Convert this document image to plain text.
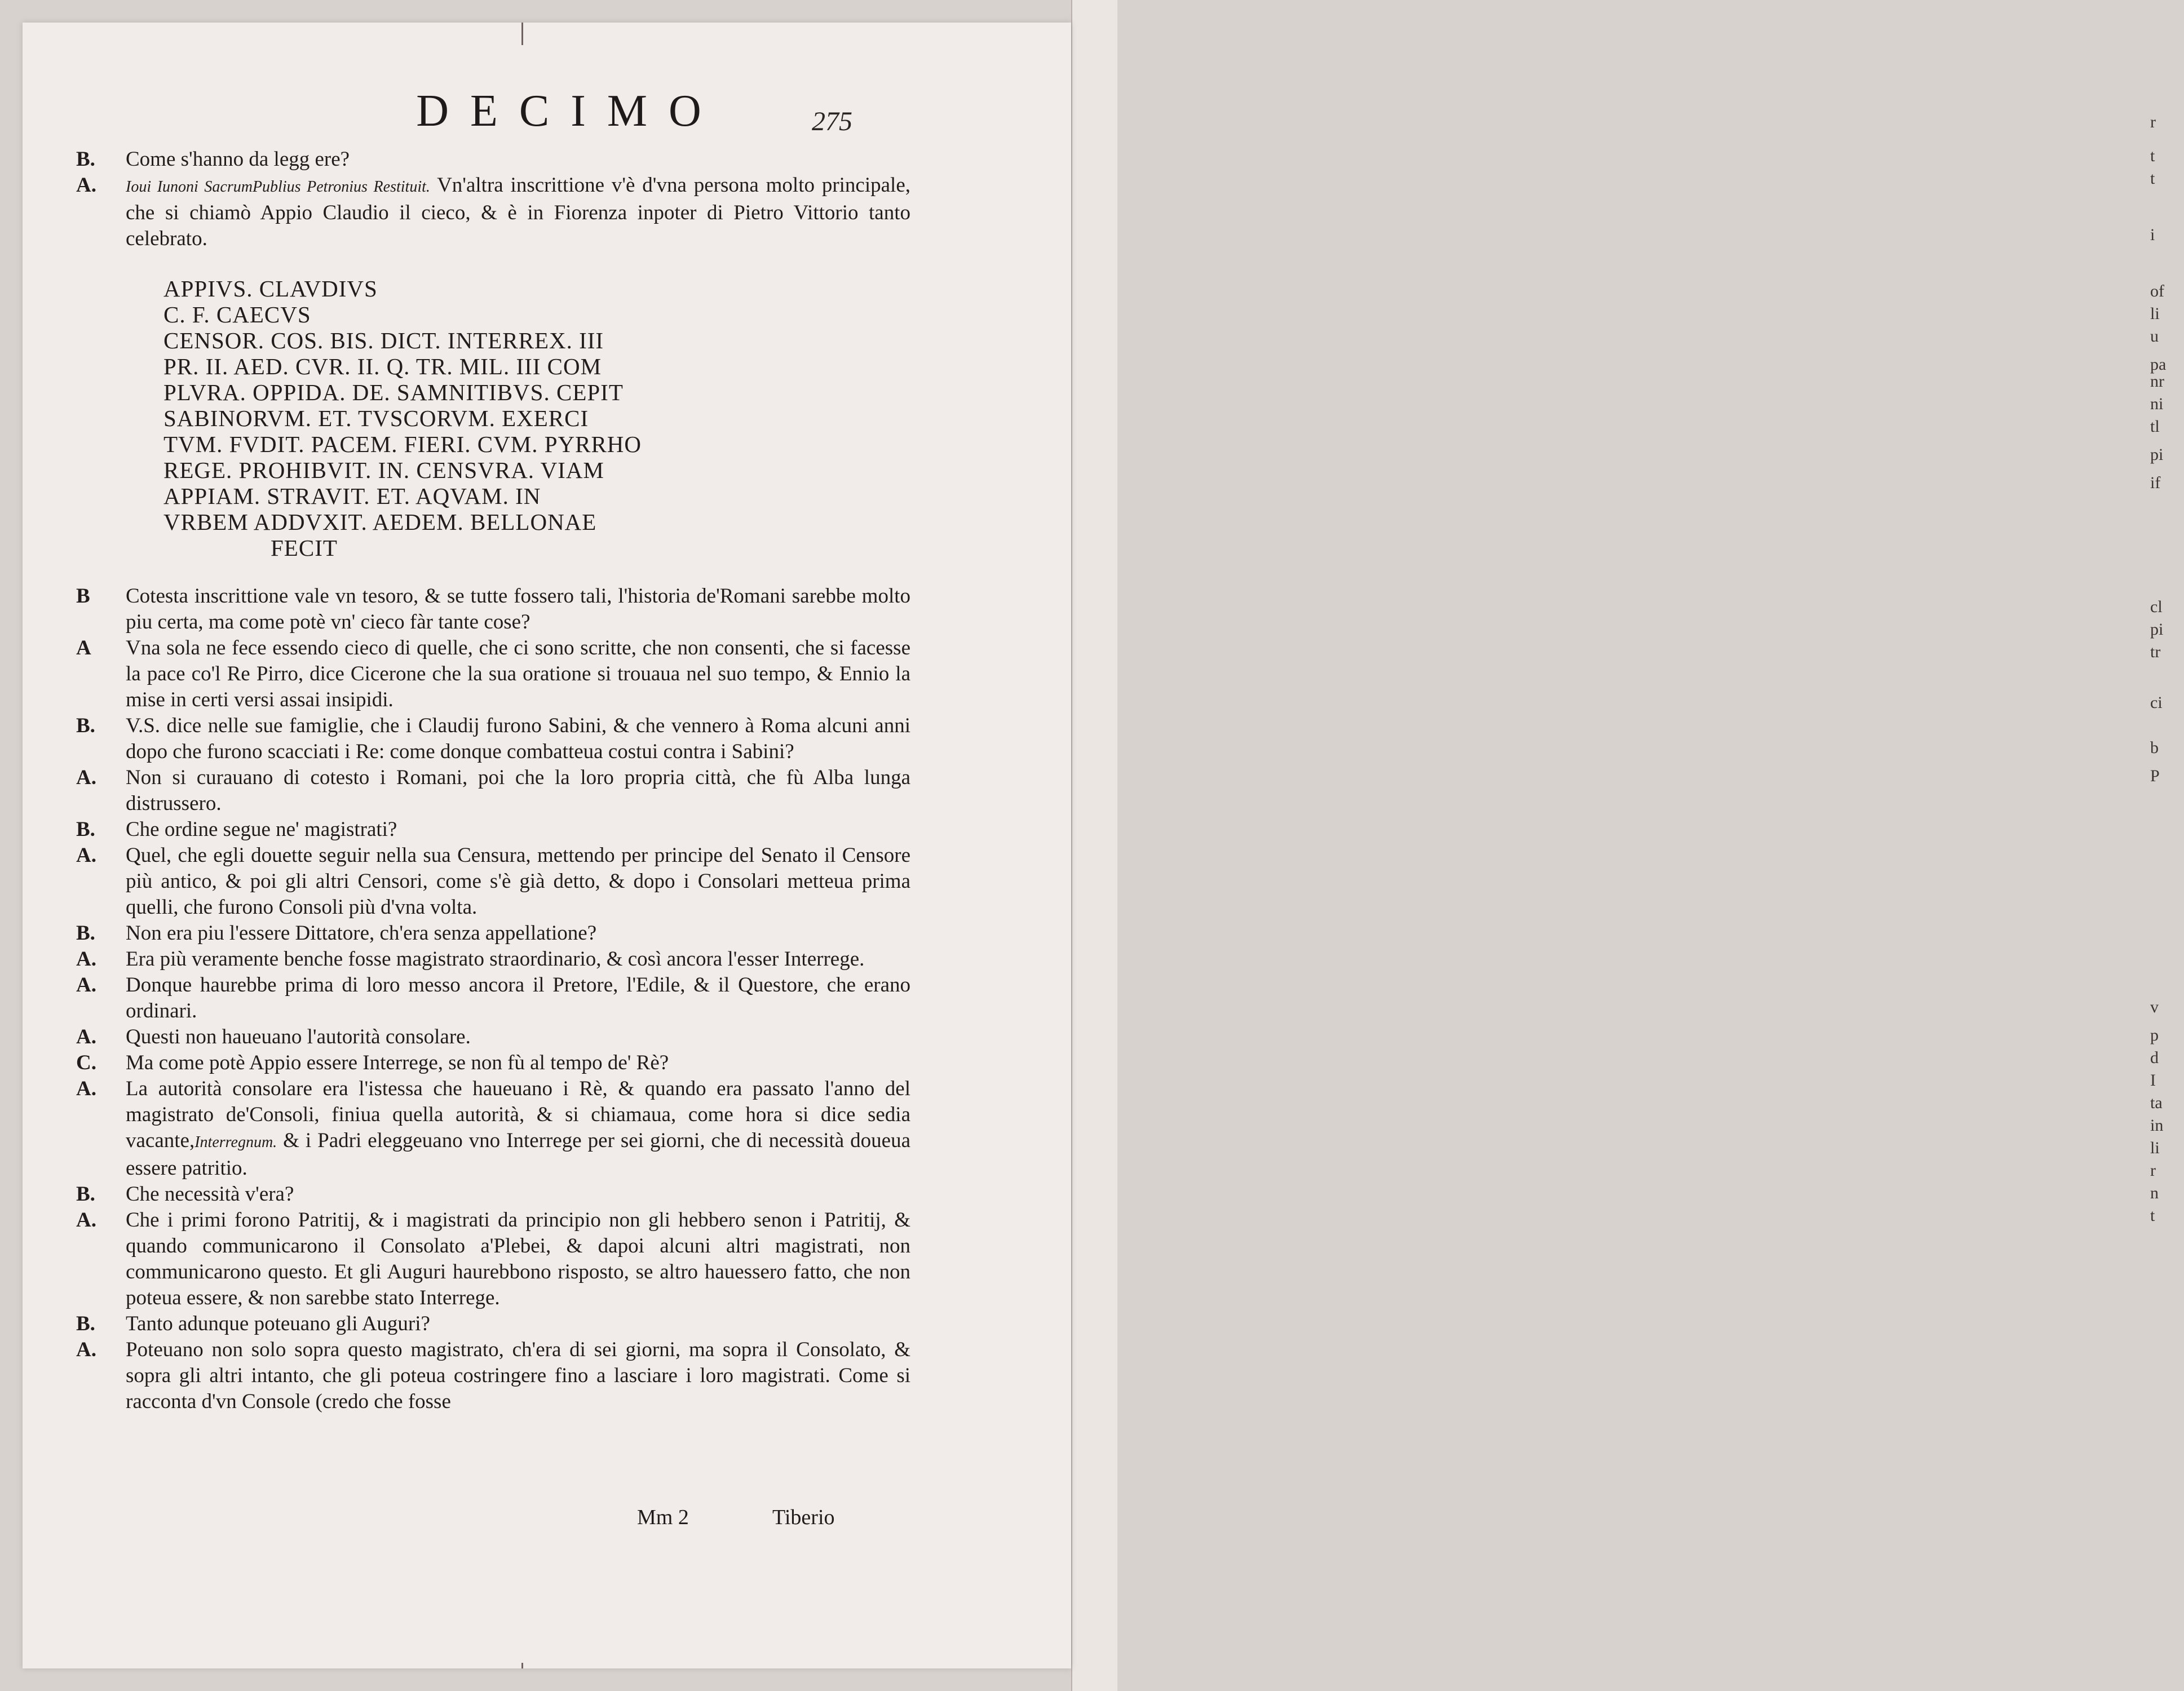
r
t
t
i
of
li
u
pa
nr
ni
tl
pi
if
cl
pi
tr
ci
b
P
v
p
d
I
ta
in
li
r
n
t
DECIMO	275

B.	Come s'hanno da legg ere?

A.	Ioui Iunoni SacrumPublius Petronius Restituit. Vn'altra inscrittione v'è d'vna persona molto principale, che si chiamò Appio Claudio il cieco, & è in Fiorenza inpoter di Pietro Vittorio tanto celebrato.

APPIVS. CLAVDIVS
C. F. CAECVS
CENSOR. COS. BIS. DICT. INTERREX. III
PR. II. AED. CVR. II. Q. TR. MIL. III COM
PLVRA. OPPIDA. DE. SAMNITIBVS. CEPIT
SABINORVM. ET. TVSCORVM. EXERCI
TVM. FVDIT. PACEM. FIERI. CVM. PYRRHO
REGE. PROHIBVIT. IN. CENSVRA. VIAM
APPIAM. STRAVIT. ET. AQVAM. IN
VRBEM ADDVXIT. AEDEM. BELLONAE
FECIT

B	Cotesta inscrittione vale vn tesoro, & se tutte fossero tali, l'historia de'Romani sarebbe molto piu certa, ma come potè vn' cieco fàr tante cose?

A	Vna sola ne fece essendo cieco di quelle, che ci sono scritte, che non consenti, che si facesse la pace co'l Re Pirro, dice Cicerone che la sua oratione si trouaua nel suo tempo, & Ennio la mise in certi versi assai insipidi.

B.	V.S. dice nelle sue famiglie, che i Claudij furono Sabini, & che vennero à Roma alcuni anni dopo che furono scacciati i Re: come donque combatteua costui contra i Sabini?

A.	Non si curauano di cotesto i Romani, poi che la loro propria città, che fù Alba lunga distrussero.

B.	Che ordine segue ne' magistrati?

A.	Quel, che egli douette seguir nella sua Censura, mettendo per principe del Senato il Censore più antico, & poi gli altri Censori, come s'è già detto, & dopo i Consolari metteua prima quelli, che furono Consoli più d'vna volta.

B.	Non era piu l'essere Dittatore, ch'era senza appellatione?

A.	Era più veramente benche fosse magistrato straordinario, & così ancora l'esser Interrege.

A.	Donque haurebbe prima di loro messo ancora il Pretore, l'Edile, & il Questore, che erano ordinari.

A.	Questi non haueuano l'autorità consolare.

C.	Ma come potè Appio essere Interrege, se non fù al tempo de' Rè?

A.	La autorità consolare era l'istessa che haueuano i Rè, & quando era passato l'anno del magistrato de'Consoli, finiua quella autorità, & si chiamaua, come hora si dice sedia vacante,Interregnum. & i Padri eleggeuano vno Interrege per sei giorni, che di necessità doueua essere patritio.

B.	Che necessità v'era?

A.	Che i primi forono Patritij, & i magistrati da principio non gli hebbero senon i Patritij, & quando communicarono il Consolato a'Plebei, & dapoi alcuni altri magistrati, non communicarono questo. Et gli Auguri haurebbono risposto, se altro hauessero fatto, che non poteua essere, & non sarebbe stato Interrege.

B.	Tanto adunque poteuano gli Auguri?

A.	Poteuano non solo sopra questo magistrato, ch'era di sei giorni, ma sopra il Consolato, & sopra gli altri intanto, che gli poteua costringere fino a lasciare i loro magistrati. Come si racconta d'vn Console (credo che fosse

Mm 2	Tiberio
